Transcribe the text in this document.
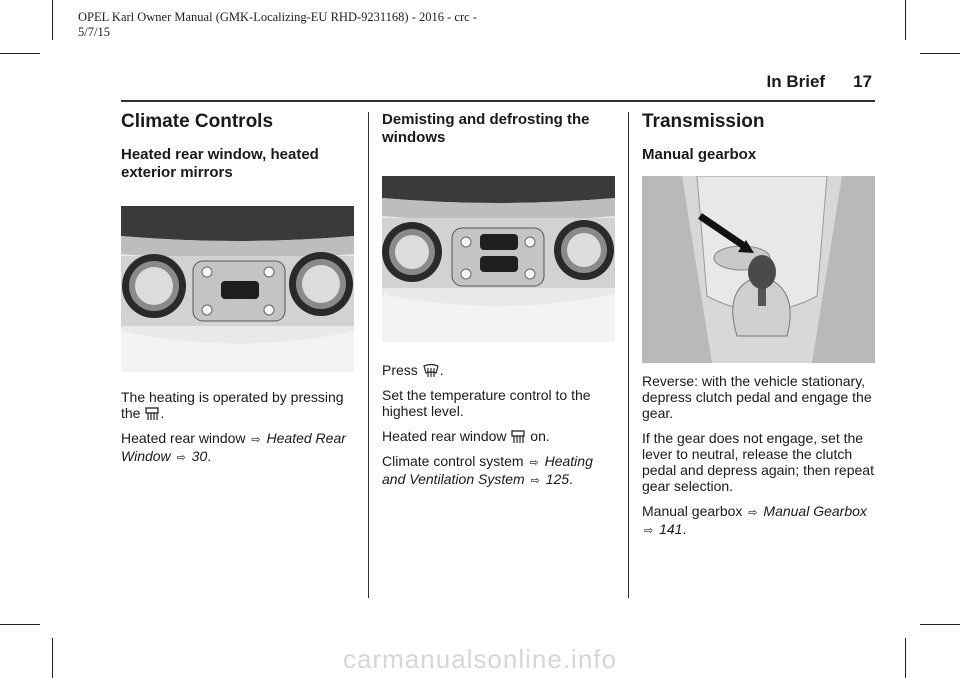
OPEL Karl Owner Manual (GMK-Localizing-EU RHD-9231168) - 2016 - crc -
5/7/15
In Brief 17
Climate Controls
Heated rear window, heated exterior mirrors

The heating is operated by pressing
the .

Heated rear window ⇨ Heated Rear Window ⇨ 30.

Demisting and defrosting the windows

Press .

Set the temperature control to the highest level.

Heated rear window on.

Climate control system ⇨ Heating and Ventilation System ⇨ 125.

Transmission
Manual gearbox

Reverse: with the vehicle stationary, depress clutch pedal and engage the gear.

If the gear does not engage, set the lever to neutral, release the clutch pedal and depress again; then repeat gear selection.

Manual gearbox ⇨ Manual Gearbox ⇨ 141.

carmanualsonline.info
